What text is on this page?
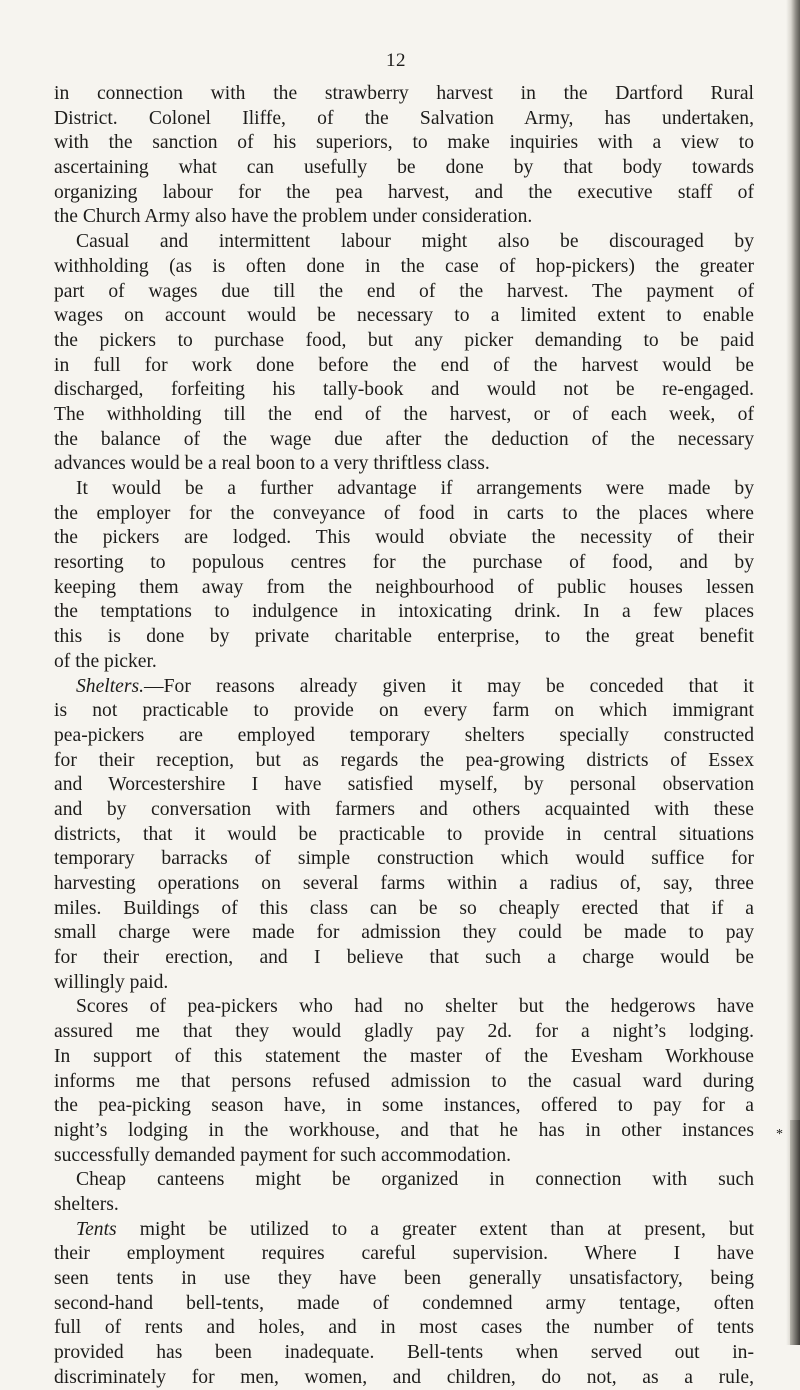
12
in connection with the strawberry harvest in the Dartford Rural
District. Colonel Iliffe, of the Salvation Army, has undertaken,
with the sanction of his superiors, to make inquiries with a view to
ascertaining what can usefully be done by that body towards
organizing labour for the pea harvest, and the executive staff of
the Church Army also have the problem under consideration.
Casual and intermittent labour might also be discouraged by
withholding (as is often done in the case of hop-pickers) the greater
part of wages due till the end of the harvest. The payment of
wages on account would be necessary to a limited extent to enable
the pickers to purchase food, but any picker demanding to be paid
in full for work done before the end of the harvest would be
discharged, forfeiting his tally-book and would not be re-engaged.
The withholding till the end of the harvest, or of each week, of
the balance of the wage due after the deduction of the necessary
advances would be a real boon to a very thriftless class.
It would be a further advantage if arrangements were made by
the employer for the conveyance of food in carts to the places where
the pickers are lodged. This would obviate the necessity of their
resorting to populous centres for the purchase of food, and by
keeping them away from the neighbourhood of public houses lessen
the temptations to indulgence in intoxicating drink. In a few places
this is done by private charitable enterprise, to the great benefit
of the picker.
Shelters.—For reasons already given it may be conceded that it
is not practicable to provide on every farm on which immigrant
pea-pickers are employed temporary shelters specially constructed
for their reception, but as regards the pea-growing districts of Essex
and Worcestershire I have satisfied myself, by personal observation
and by conversation with farmers and others acquainted with these
districts, that it would be practicable to provide in central situations
temporary barracks of simple construction which would suffice for
harvesting operations on several farms within a radius of, say, three
miles. Buildings of this class can be so cheaply erected that if a
small charge were made for admission they could be made to pay
for their erection, and I believe that such a charge would be
willingly paid.
Scores of pea-pickers who had no shelter but the hedgerows have
assured me that they would gladly pay 2d. for a night’s lodging.
In support of this statement the master of the Evesham Workhouse
informs me that persons refused admission to the casual ward during
the pea-picking season have, in some instances, offered to pay for a
night’s lodging in the workhouse, and that he has in other instances
successfully demanded payment for such accommodation.
Cheap canteens might be organized in connection with such
shelters.
Tents might be utilized to a greater extent than at present, but
their employment requires careful supervision. Where I have
seen tents in use they have been generally unsatisfactory, being
second-hand bell-tents, made of condemned army tentage, often
full of rents and holes, and in most cases the number of tents
provided has been inadequate. Bell-tents when served out in-
discriminately for men, women, and children, do not, as a rule,
*
